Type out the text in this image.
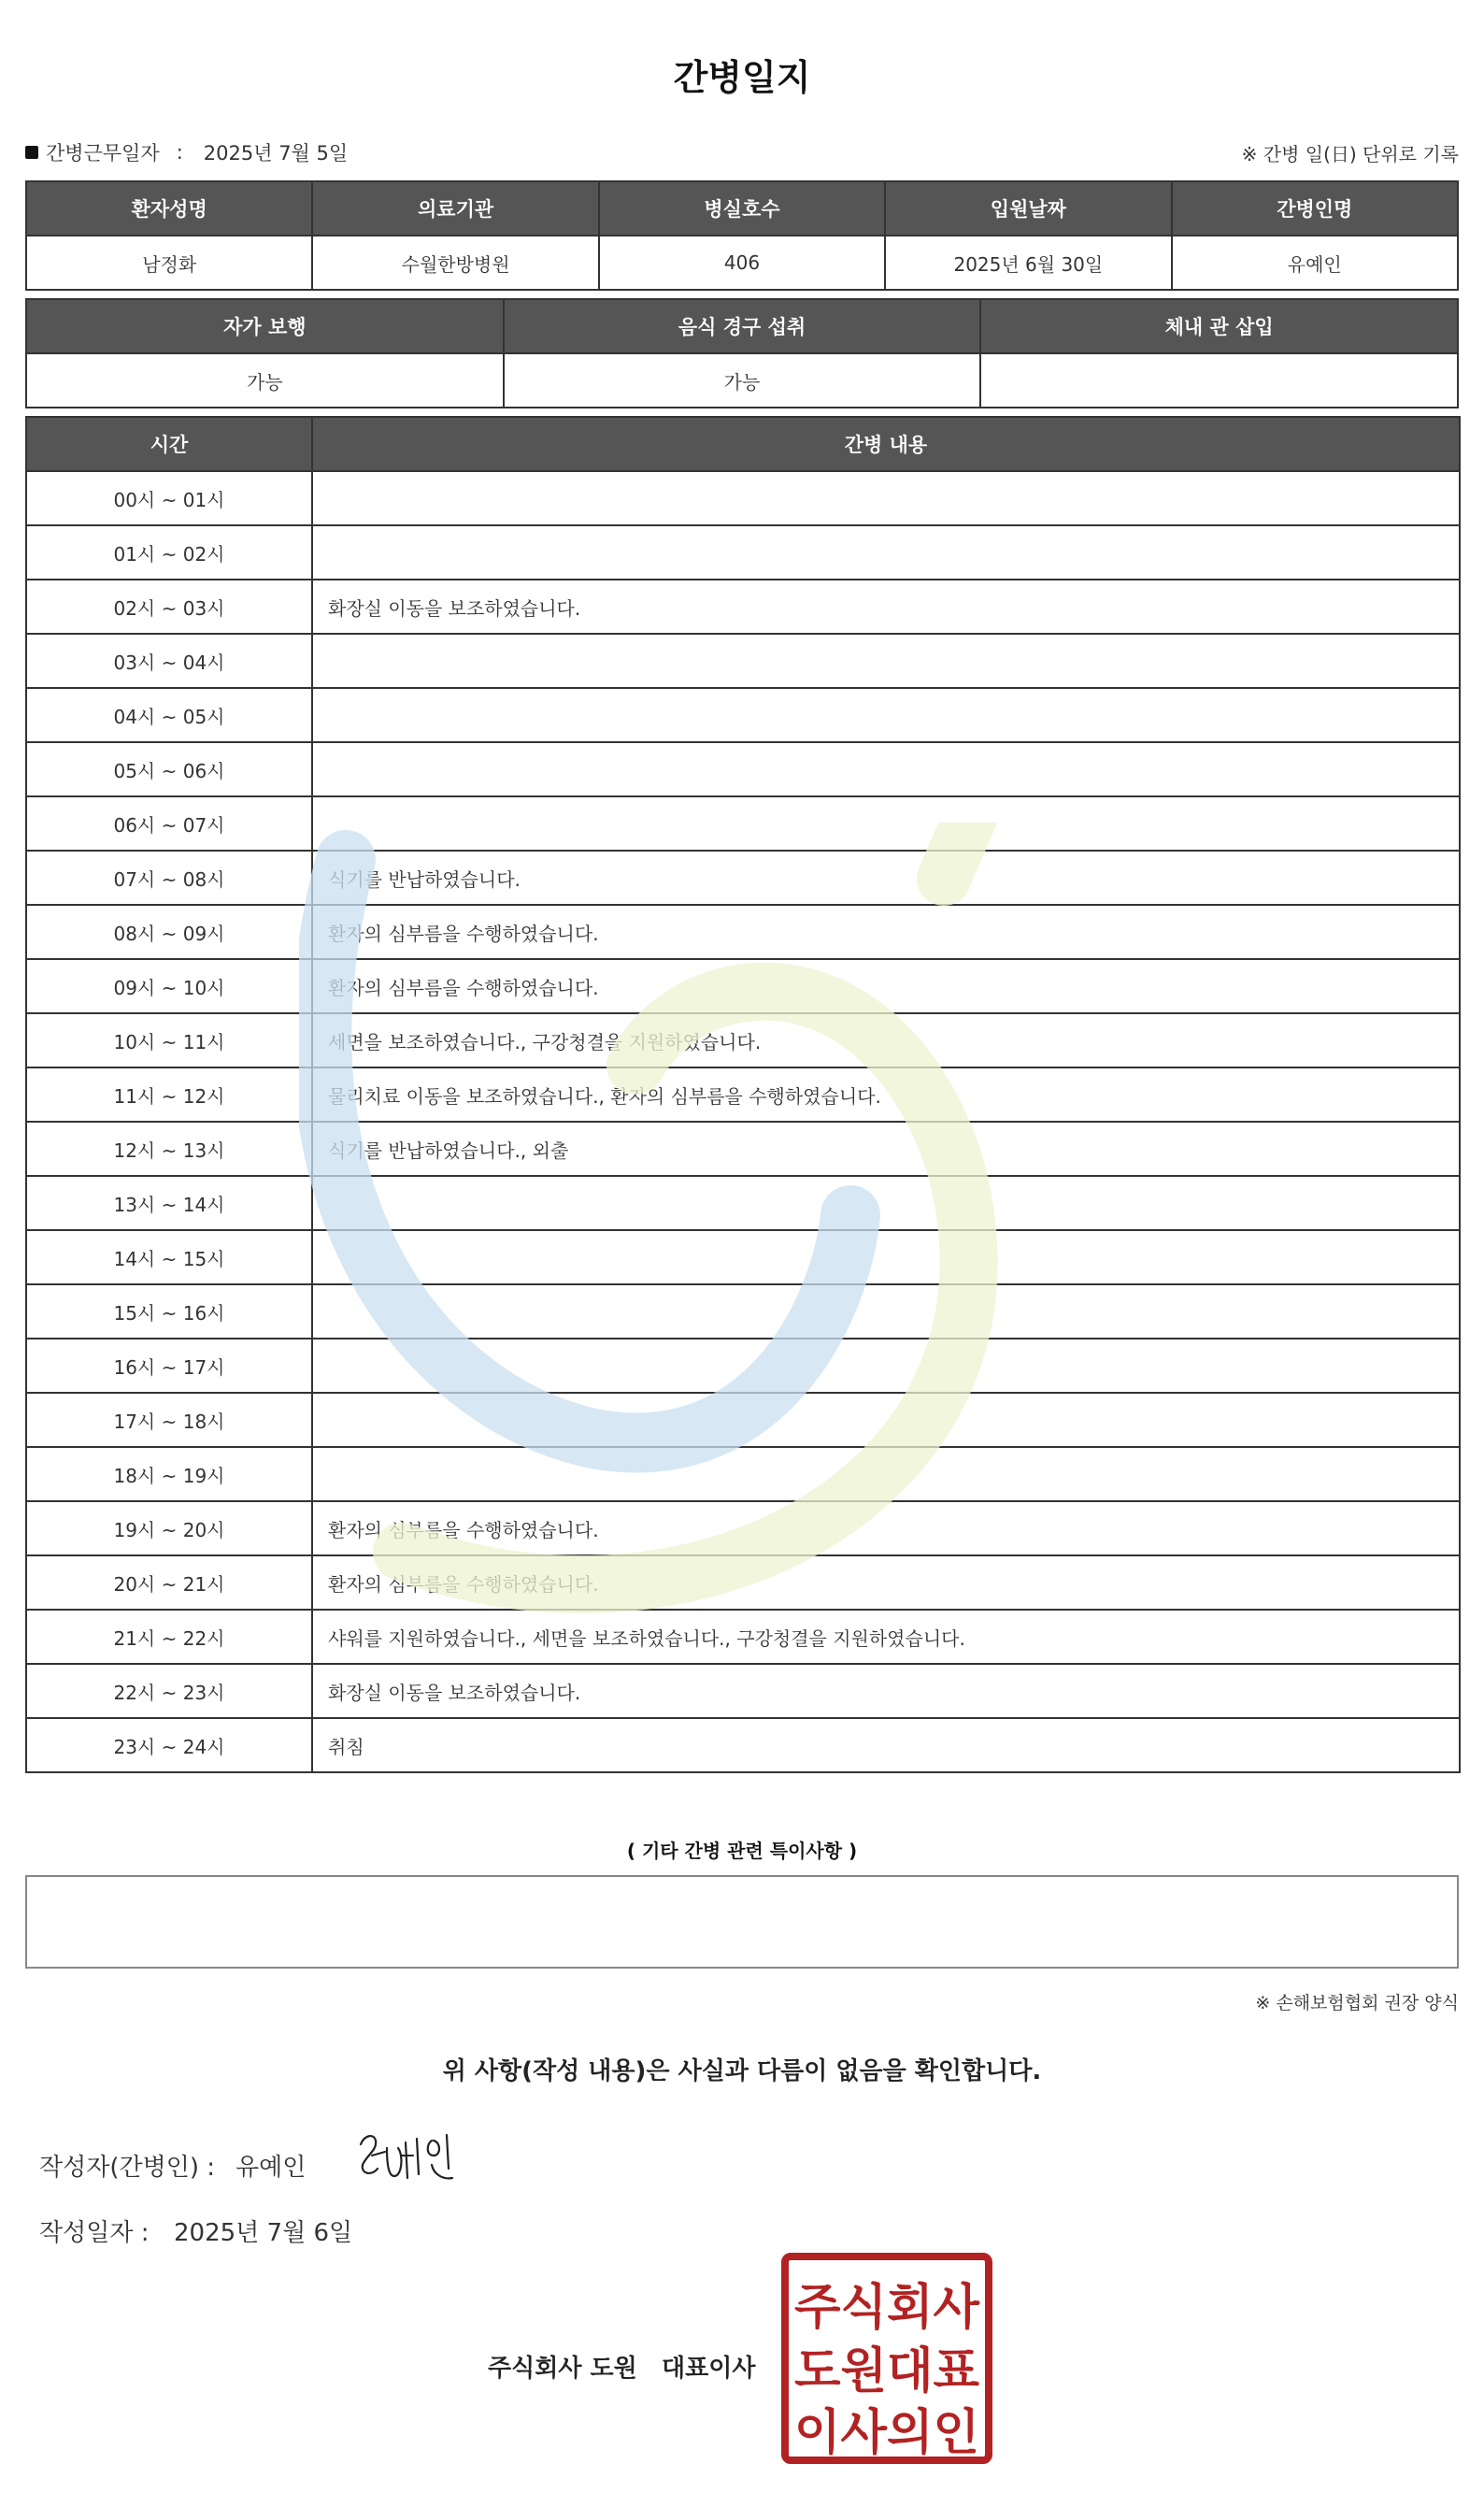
간병일지
간병근무일자 : 2025년 7월 5일	※ 간병 일(日) 단위로 기록
환자성명	의료기관	병실호수	입원날짜	간병인명
남정화	수월한방병원	406	2025년 6월 30일	유예인
자가 보행	음식 경구 섭취	체내 관 삽입
가능	가능	
시간	간병 내용
00시 ~ 01시	
01시 ~ 02시	
02시 ~ 03시	화장실 이동을 보조하였습니다.
03시 ~ 04시	
04시 ~ 05시	
05시 ~ 06시	
06시 ~ 07시	
07시 ~ 08시	식기를 반납하였습니다.
08시 ~ 09시	환자의 심부름을 수행하였습니다.
09시 ~ 10시	환자의 심부름을 수행하였습니다.
10시 ~ 11시	세면을 보조하였습니다., 구강청결을 지원하였습니다.
11시 ~ 12시	물리치료 이동을 보조하였습니다., 환자의 심부름을 수행하였습니다.
12시 ~ 13시	식기를 반납하였습니다., 외출
13시 ~ 14시	
14시 ~ 15시	
15시 ~ 16시	
16시 ~ 17시	
17시 ~ 18시	
18시 ~ 19시	
19시 ~ 20시	환자의 심부름을 수행하였습니다.
20시 ~ 21시	환자의 심부름을 수행하였습니다.
21시 ~ 22시	샤워를 지원하였습니다., 세면을 보조하였습니다., 구강청결을 지원하였습니다.
22시 ~ 23시	화장실 이동을 보조하였습니다.
23시 ~ 24시	취침
( 기타 간병 관련 특이사항 )
※ 손해보험협회 권장 양식
위 사항(작성 내용)은 사실과 다름이 없음을 확인합니다.
작성자(간병인) : 유예인
작성일자 :	2025년 7월 6일
주식회사 도원 대표이사
주식회사
도원대표
이사의인
